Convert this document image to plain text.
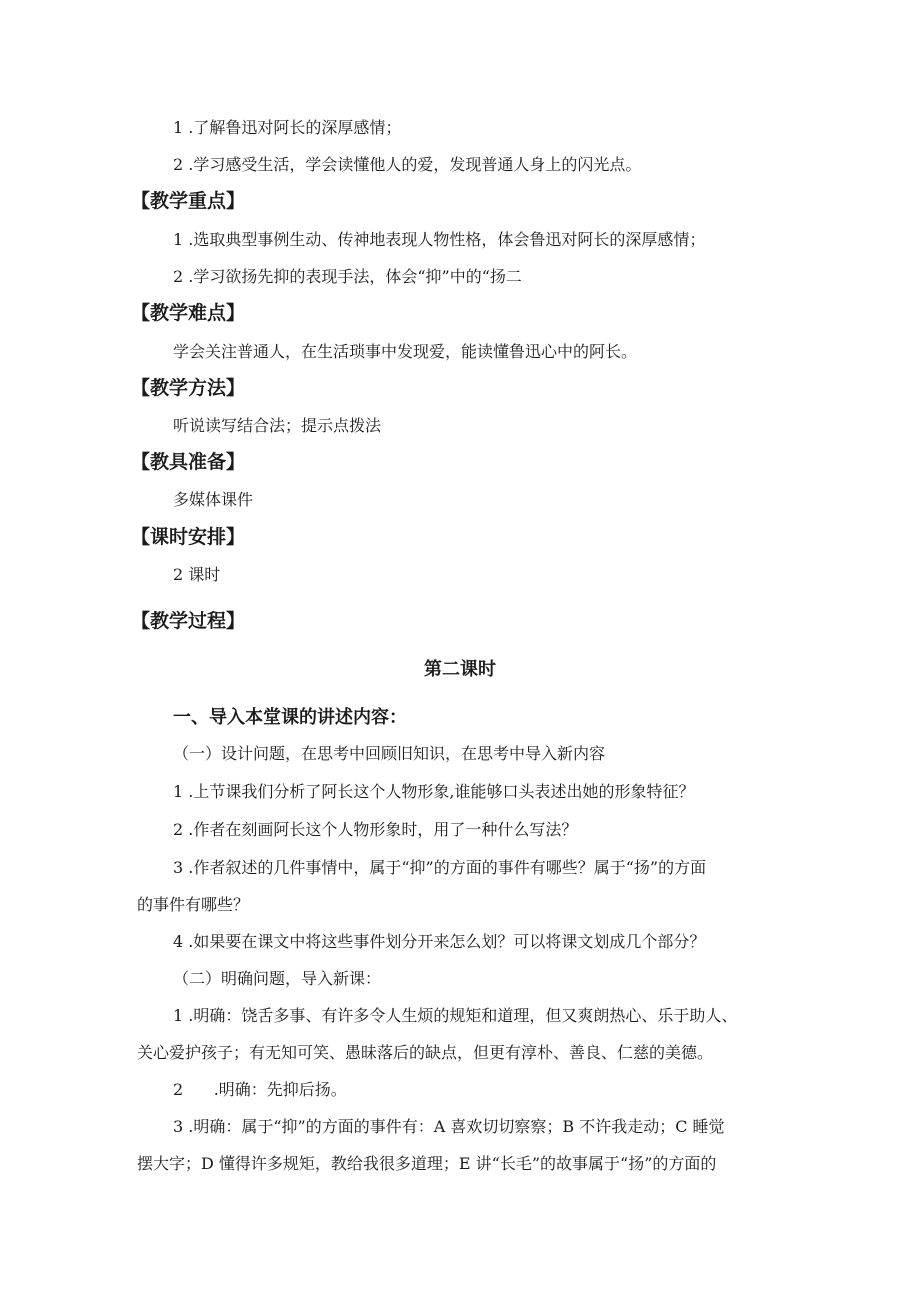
1 .了解鲁迅对阿长的深厚感情；
2 .学习感受生活，学会读懂他人的爱，发现普通人身上的闪光点。
【教学重点】
1 .选取典型事例生动、传神地表现人物性格，体会鲁迅对阿长的深厚感情；
2 .学习欲扬先抑的表现手法，体会“抑”中的“扬二
【教学难点】
学会关注普通人，在生活琐事中发现爱，能读懂鲁迅心中的阿长。
【教学方法】
听说读写结合法；提示点拨法
【教具准备】
多媒体课件
【课时安排】
2 课时
【教学过程】
第二课时
一、导入本堂课的讲述内容：
（一）设计问题，在思考中回顾旧知识，在思考中导入新内容
1 .上节课我们分析了阿长这个人物形象,谁能够口头表述出她的形象特征？
2 .作者在刻画阿长这个人物形象时，用了一种什么写法？
3 .作者叙述的几件事情中，属于“抑”的方面的事件有哪些？属于“扬”的方面
的事件有哪些？
4 .如果要在课文中将这些事件划分开来怎么划？可以将课文划成几个部分？
（二）明确问题，导入新课：
1 .明确：饶舌多事、有许多令人生烦的规矩和道理，但又爽朗热心、乐于助人、
关心爱护孩子；有无知可笑、愚昧落后的缺点，但更有淳朴、善良、仁慈的美德。
2      .明确：先抑后扬。
3 .明确：属于“抑”的方面的事件有：A 喜欢切切察察；B 不许我走动；C 睡觉
摆大字；D 懂得许多规矩，教给我很多道理；E 讲“长毛”的故事属于“扬”的方面的
